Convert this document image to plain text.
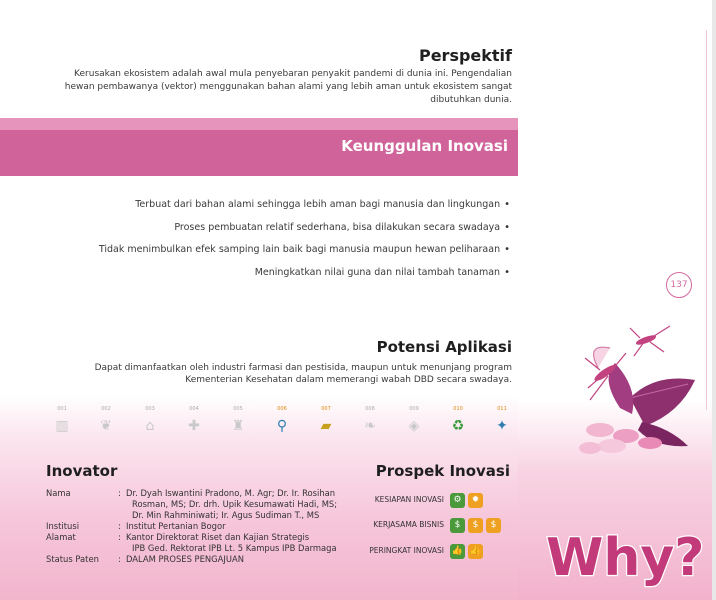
Perspektif
Kerusakan ekosistem adalah awal mula penyebaran penyakit pandemi di dunia ini. Pengendalian hewan pembawanya (vektor) menggunakan bahan alami yang lebih aman untuk ekosistem sangat dibutuhkan dunia.
Keunggulan Inovasi
Terbuat dari bahan alami sehingga lebih aman bagi manusia dan lingkungan •
Proses pembuatan relatif sederhana, bisa dilakukan secara swadaya •
Tidak menimbulkan efek samping lain baik bagi manusia maupun hewan peliharaan •
Meningkatkan nilai guna dan nilai tambah tanaman •
137
Potensi Aplikasi
Dapat dimanfaatkan oleh industri farmasi dan pestisida, maupun untuk menunjang program Kementerian Kesehatan dalam memerangi wabah DBD secara swadaya.
001
▥
002
❦
003
⌂
004
✚
005
♜
006
⚲
007
▰
008
❧
009
◈
010
♻
011
✦
Inovator
Nama	: Dr. Dyah Iswantini Pradono, M. Agr; Dr. Ir. Rosihan
Rosman, MS; Dr. drh. Upik Kesumawati Hadi, MS;
Dr. Min Rahminiwati; Ir. Agus Sudiman T., MS
Institusi	: Institut Pertanian Bogor
Alamat	: Kantor Direktorat Riset dan Kajian Strategis
IPB Ged. Rektorat IPB Lt. 5 Kampus IPB Darmaga
Status Paten	: DALAM PROSES PENGAJUAN
Prospek Inovasi
KESIAPAN INOVASI	⚙ ✹
KERJASAMA BISNIS	$ $ $
PERINGKAT INOVASI 👍 👍 Why?
